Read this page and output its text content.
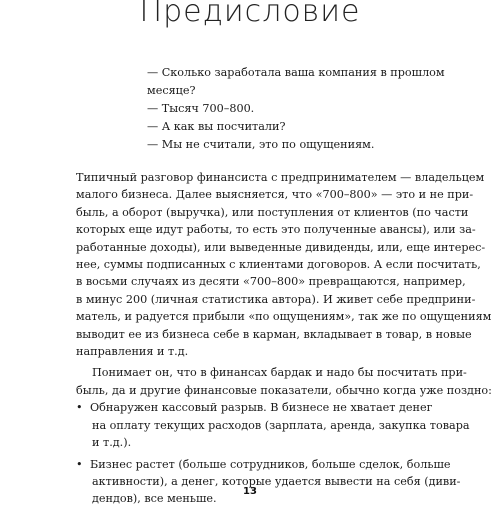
Предисловие
— Сколько заработала ваша компания в прошлом
месяце?
— Тысяч 700–800.
— А как вы посчитали?
— Мы не считали, это по ощущениям.
Типичный разговор финансиста с предпринимателем — владельцем
малого бизнеса. Далее выясняется, что «700–800» — это и не при-
быль, а оборот (выручка), или поступления от клиентов (по части
которых еще идут работы, то есть это полученные авансы), или за-
работанные доходы), или выведенные дивиденды, или, еще интерес-
нее, суммы подписанных с клиентами договоров. А если посчитать,
в восьми случаях из десяти «700–800» превращаются, например,
в минус 200 (личная статистика автора). И живет себе предприни-
матель, и радуется прибыли «по ощущениям», так же по ощущениям
выводит ее из бизнеса себе в карман, вкладывает в товар, в новые
направления и т.д.
Понимает он, что в финансах бардак и надо бы посчитать при-
быль, да и другие финансовые показатели, обычно когда уже поздно:
• Обнаружен кассовый разрыв. В бизнесе не хватает денег
на оплату текущих расходов (зарплата, аренда, закупка товара
и т.д.).
• Бизнес растет (больше сотрудников, больше сделок, больше
активности), а денег, которые удается вывести на себя (диви-
дендов), все меньше.
13
